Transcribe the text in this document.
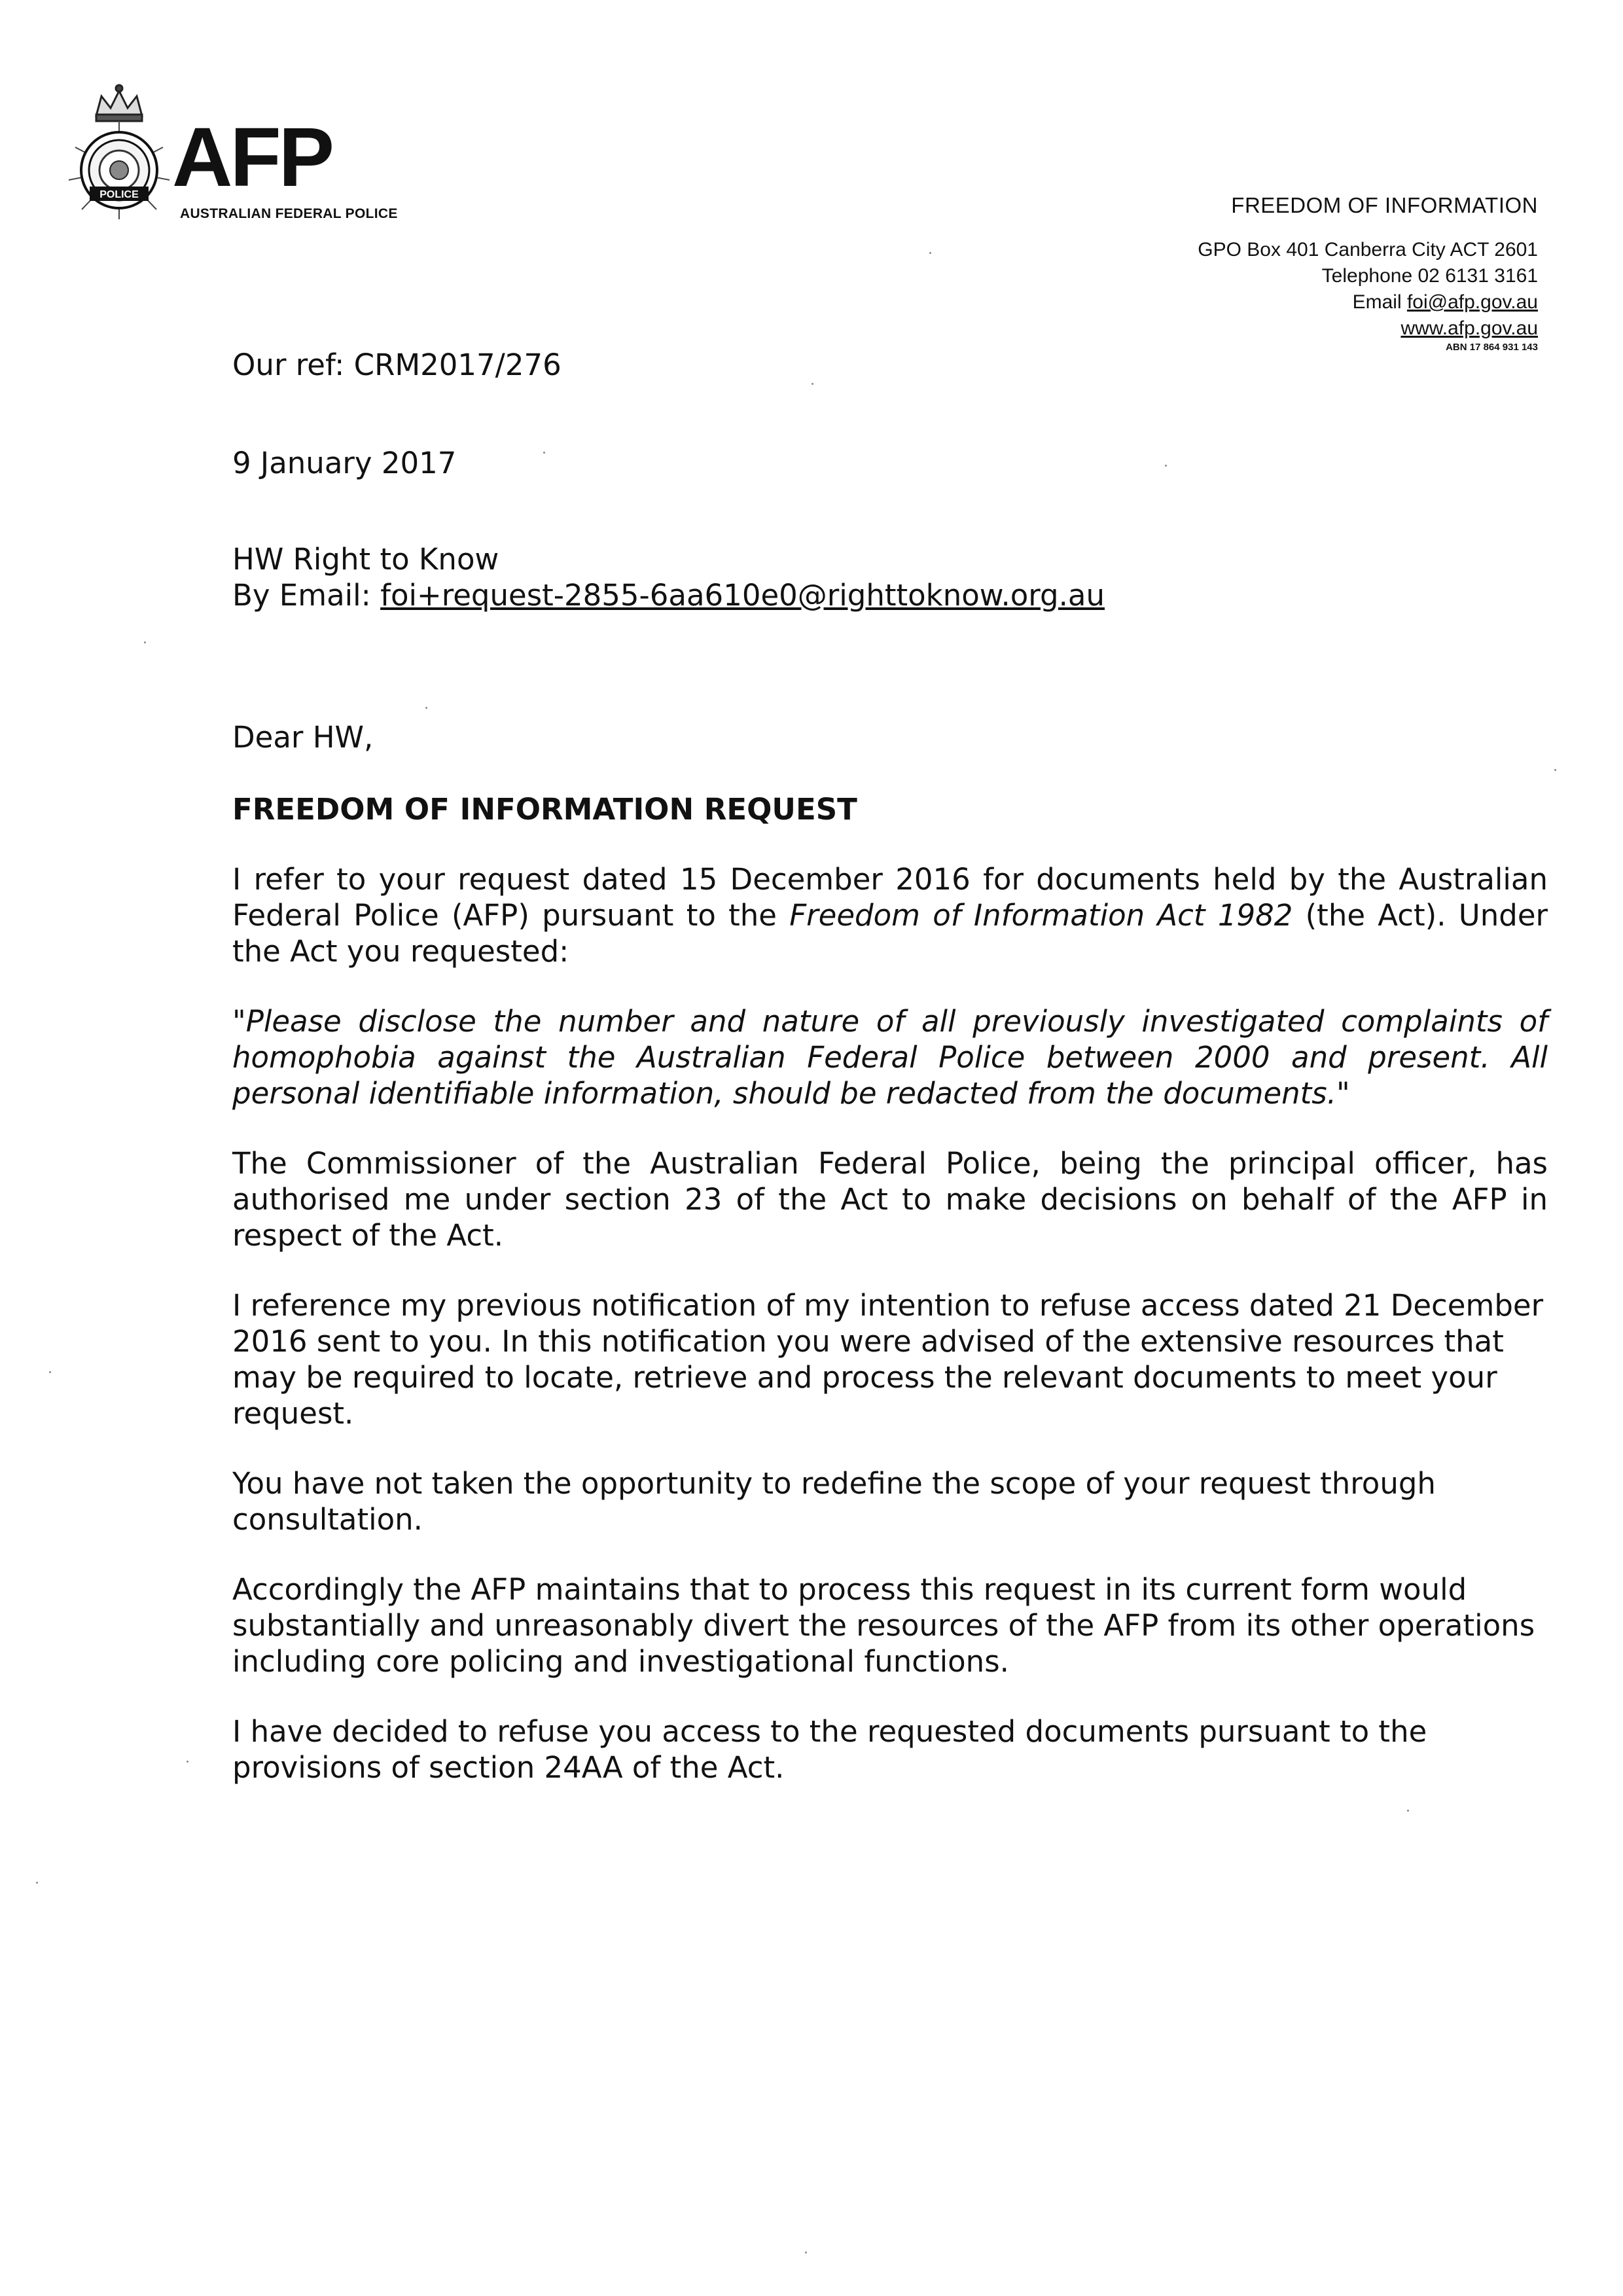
POLICE AFP
AUSTRALIAN FEDERAL POLICE	FREEDOM OF INFORMATION
GPO Box 401 Canberra City ACT 2601
Telephone 02 6131 3161
Email foi@afp.gov.au
www.afp.gov.au
ABN 17 864 931 143
Our ref: CRM2017/276
9 January 2017
HW Right to Know
By Email: foi+request-2855-6aa610e0@righttoknow.org.au
Dear HW,
FREEDOM OF INFORMATION REQUEST
I refer to your request dated 15 December 2016 for documents held by the Australian Federal Police (AFP) pursuant to the Freedom of Information Act 1982 (the Act). Under the Act you requested:
"Please disclose the number and nature of all previously investigated complaints of homophobia against the Australian Federal Police between 2000 and present. All personal identifiable information, should be redacted from the documents."
The Commissioner of the Australian Federal Police, being the principal officer, has authorised me under section 23 of the Act to make decisions on behalf of the AFP in respect of the Act.
I reference my previous notification of my intention to refuse access dated 21 December 2016 sent to you. In this notification you were advised of the extensive resources that may be required to locate, retrieve and process the relevant documents to meet your request.
You have not taken the opportunity to redefine the scope of your request through consultation.
Accordingly the AFP maintains that to process this request in its current form would substantially and unreasonably divert the resources of the AFP from its other operations including core policing and investigational functions.
I have decided to refuse you access to the requested documents pursuant to the provisions of section 24AA of the Act.
